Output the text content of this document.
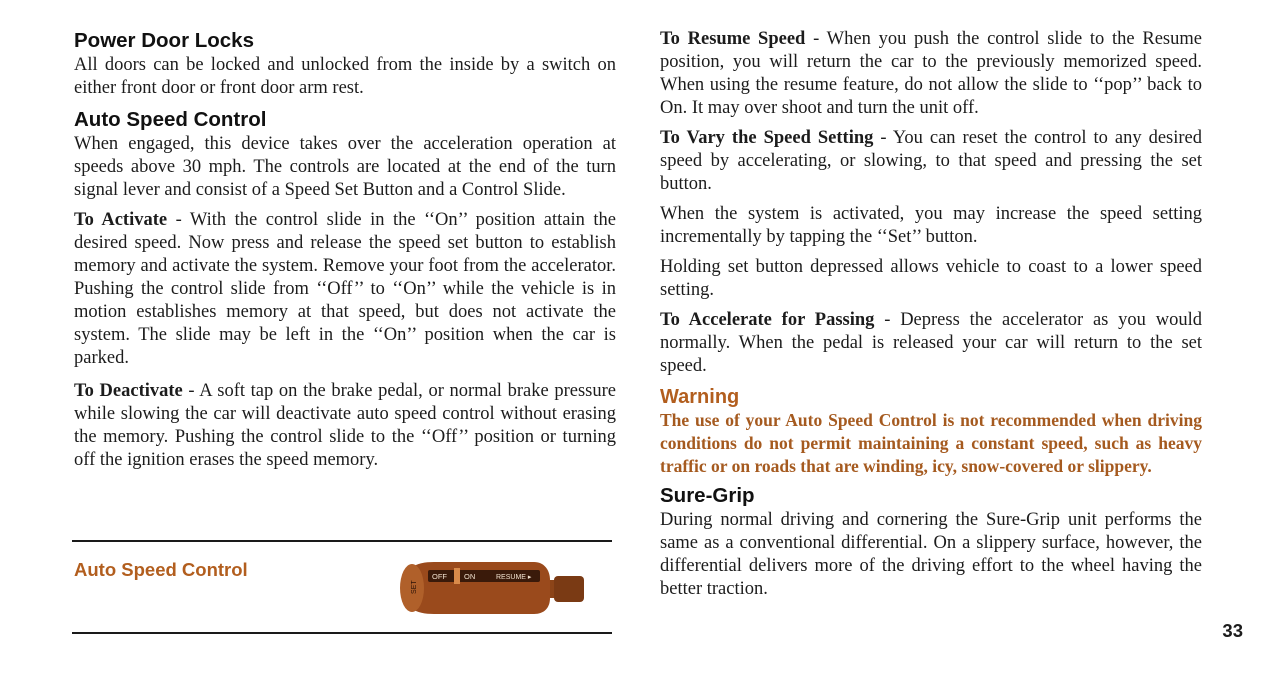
Power Door Locks

All doors can be locked and unlocked from the inside by a switch on either front door or front door arm rest.

Auto Speed Control

When engaged, this device takes over the acceleration operation at speeds above 30 mph. The controls are located at the end of the turn signal lever and consist of a Speed Set Button and a Control Slide.

To Activate - With the control slide in the ‘‘On’’ position attain the desired speed. Now press and release the speed set button to establish memory and activate the system. Remove your foot from the accelerator. Pushing the control slide from ‘‘Off’’ to ‘‘On’’ while the vehicle is in motion establishes memory at that speed, but does not activate the system. The slide may be left in the ‘‘On’’ position when the car is parked.

To Deactivate - A soft tap on the brake pedal, or normal brake pressure while slowing the car will deactivate auto speed control without erasing the memory. Pushing the control slide to the ‘‘Off’’ position or turning off the ignition erases the speed memory.

Auto Speed Control
SET
OFF ON	RESUME ▸

To Resume Speed - When you push the control slide to the Resume position, you will return the car to the previously memorized speed. When using the resume feature, do not allow the slide to ‘‘pop’’ back to On. It may over shoot and turn the unit off.

To Vary the Speed Setting - You can reset the control to any desired speed by accelerating, or slowing, to that speed and pressing the set button.

When the system is activated, you may increase the speed setting incrementally by tapping the ‘‘Set’’ button.

Holding set button depressed allows vehicle to coast to a lower speed setting.

To Accelerate for Passing - Depress the accelerator as you would normally. When the pedal is released your car will return to the set speed.

Warning

The use of your Auto Speed Control is not recommended when driving conditions do not permit maintaining a constant speed, such as heavy traffic or on roads that are winding, icy, snow-covered or slippery.

Sure-Grip

During normal driving and cornering the Sure-Grip unit performs the same as a conventional differential. On a slippery surface, however, the differential delivers more of the driving effort to the wheel having the better traction.

33
